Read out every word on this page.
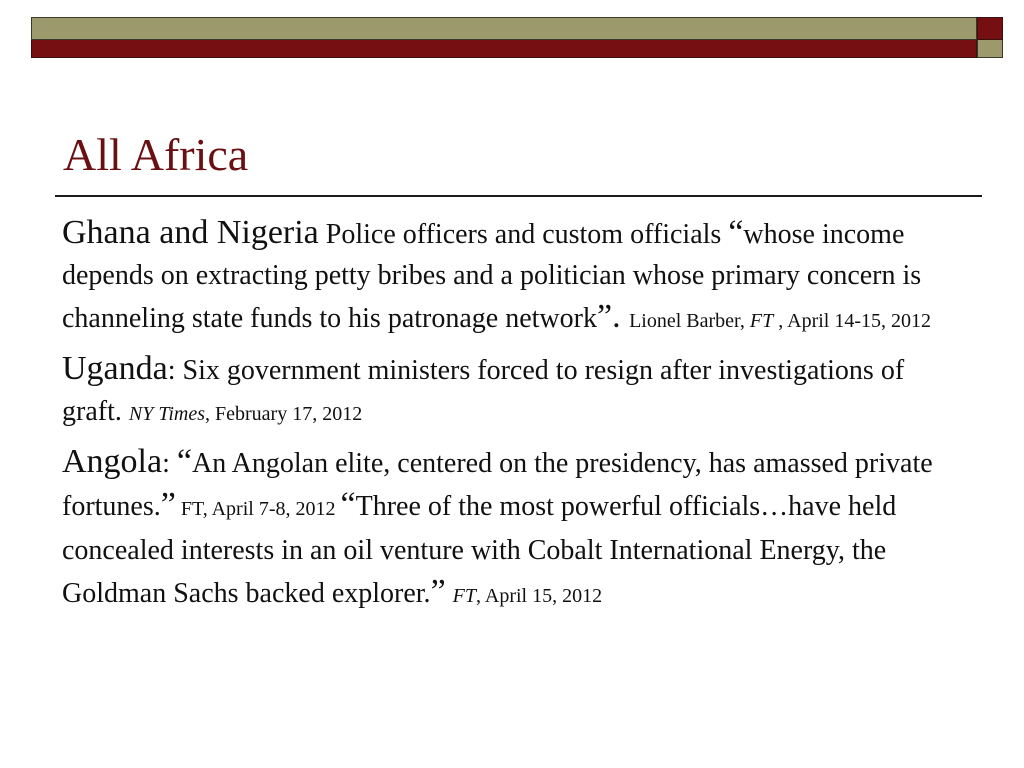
All Africa

Ghana and Nigeria Police officers and custom officials “whose income depends on extracting petty bribes and a politician whose primary concern is channeling state funds to his patronage network”. Lionel Barber, FT , April 14-15, 2012

Uganda: Six government ministers forced to resign after investigations of graft. NY Times, February 17, 2012

Angola: “An Angolan elite, centered on the presidency, has amassed private fortunes.” FT, April 7-8, 2012 “Three of the most powerful officials…have held concealed interests in an oil venture with Cobalt International Energy, the Goldman Sachs backed explorer.” FT, April 15, 2012
